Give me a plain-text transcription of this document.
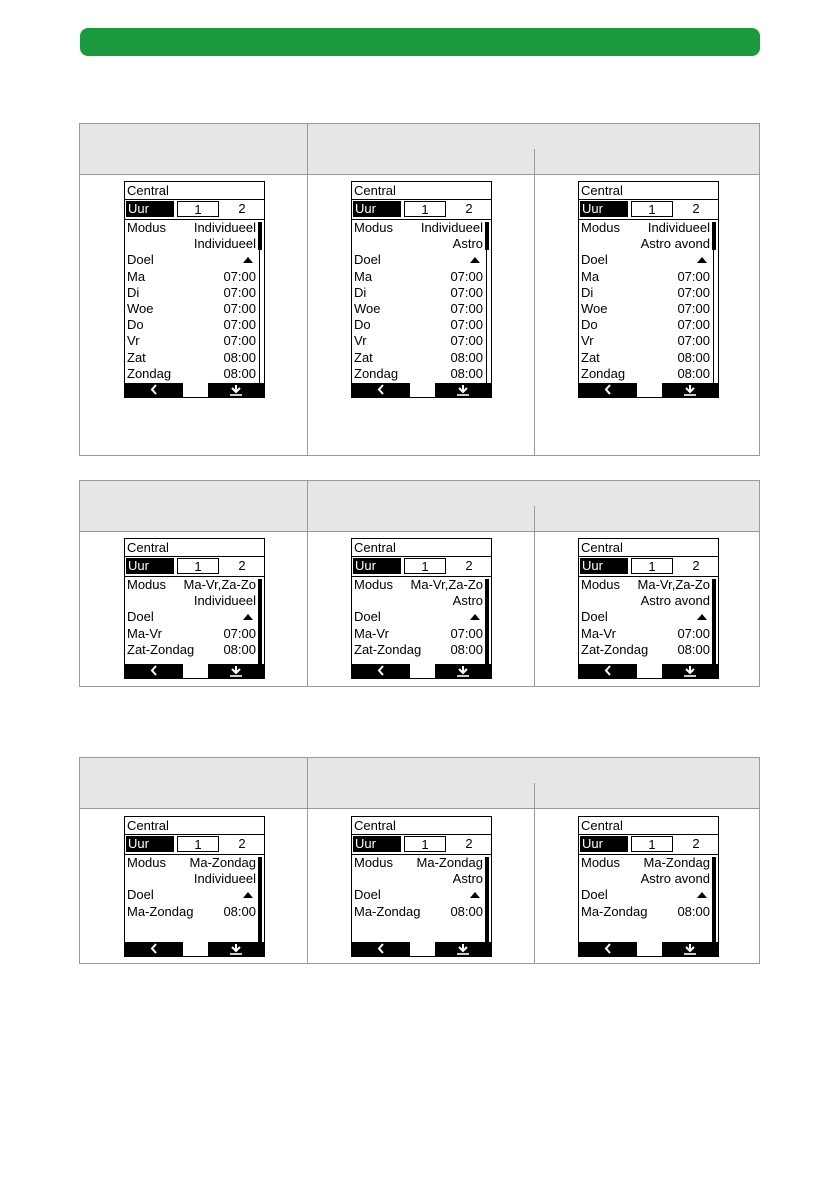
Central
Uur	1	2
Modus Individueel
Individueel
Doel
Ma	07:00
Di	07:00
Woe	07:00
Do	07:00
Vr	07:00
Zat	08:00
Zondag	08:00
Central
Uur	1	2
Modus Individueel
Astro
Doel
Ma	07:00
Di	07:00
Woe	07:00
Do	07:00
Vr	07:00
Zat	08:00
Zondag	08:00
Central
Uur	1	2
Modus Individueel
Astro avond
Doel
Ma	07:00
Di	07:00
Woe	07:00
Do	07:00
Vr	07:00
Zat	08:00
Zondag	08:00
Central
Uur	1	2
Modus Ma-Vr,Za-Zo
Individueel
Doel
Ma-Vr	07:00
Zat-Zondag 08:00
Central
Uur	1	2
Modus Ma-Vr,Za-Zo
Astro
Doel
Ma-Vr	07:00
Zat-Zondag 08:00
Central
Uur	1	2
Modus Ma-Vr,Za-Zo
Astro avond
Doel
Ma-Vr	07:00
Zat-Zondag 08:00
Central
Uur	1	2
Modus Ma-Zondag
Individueel
Doel
Ma-Zondag 08:00
Central
Uur	1	2
Modus Ma-Zondag
Astro
Doel
Ma-Zondag 08:00
Central
Uur	1	2
Modus Ma-Zondag
Astro avond
Doel
Ma-Zondag 08:00
